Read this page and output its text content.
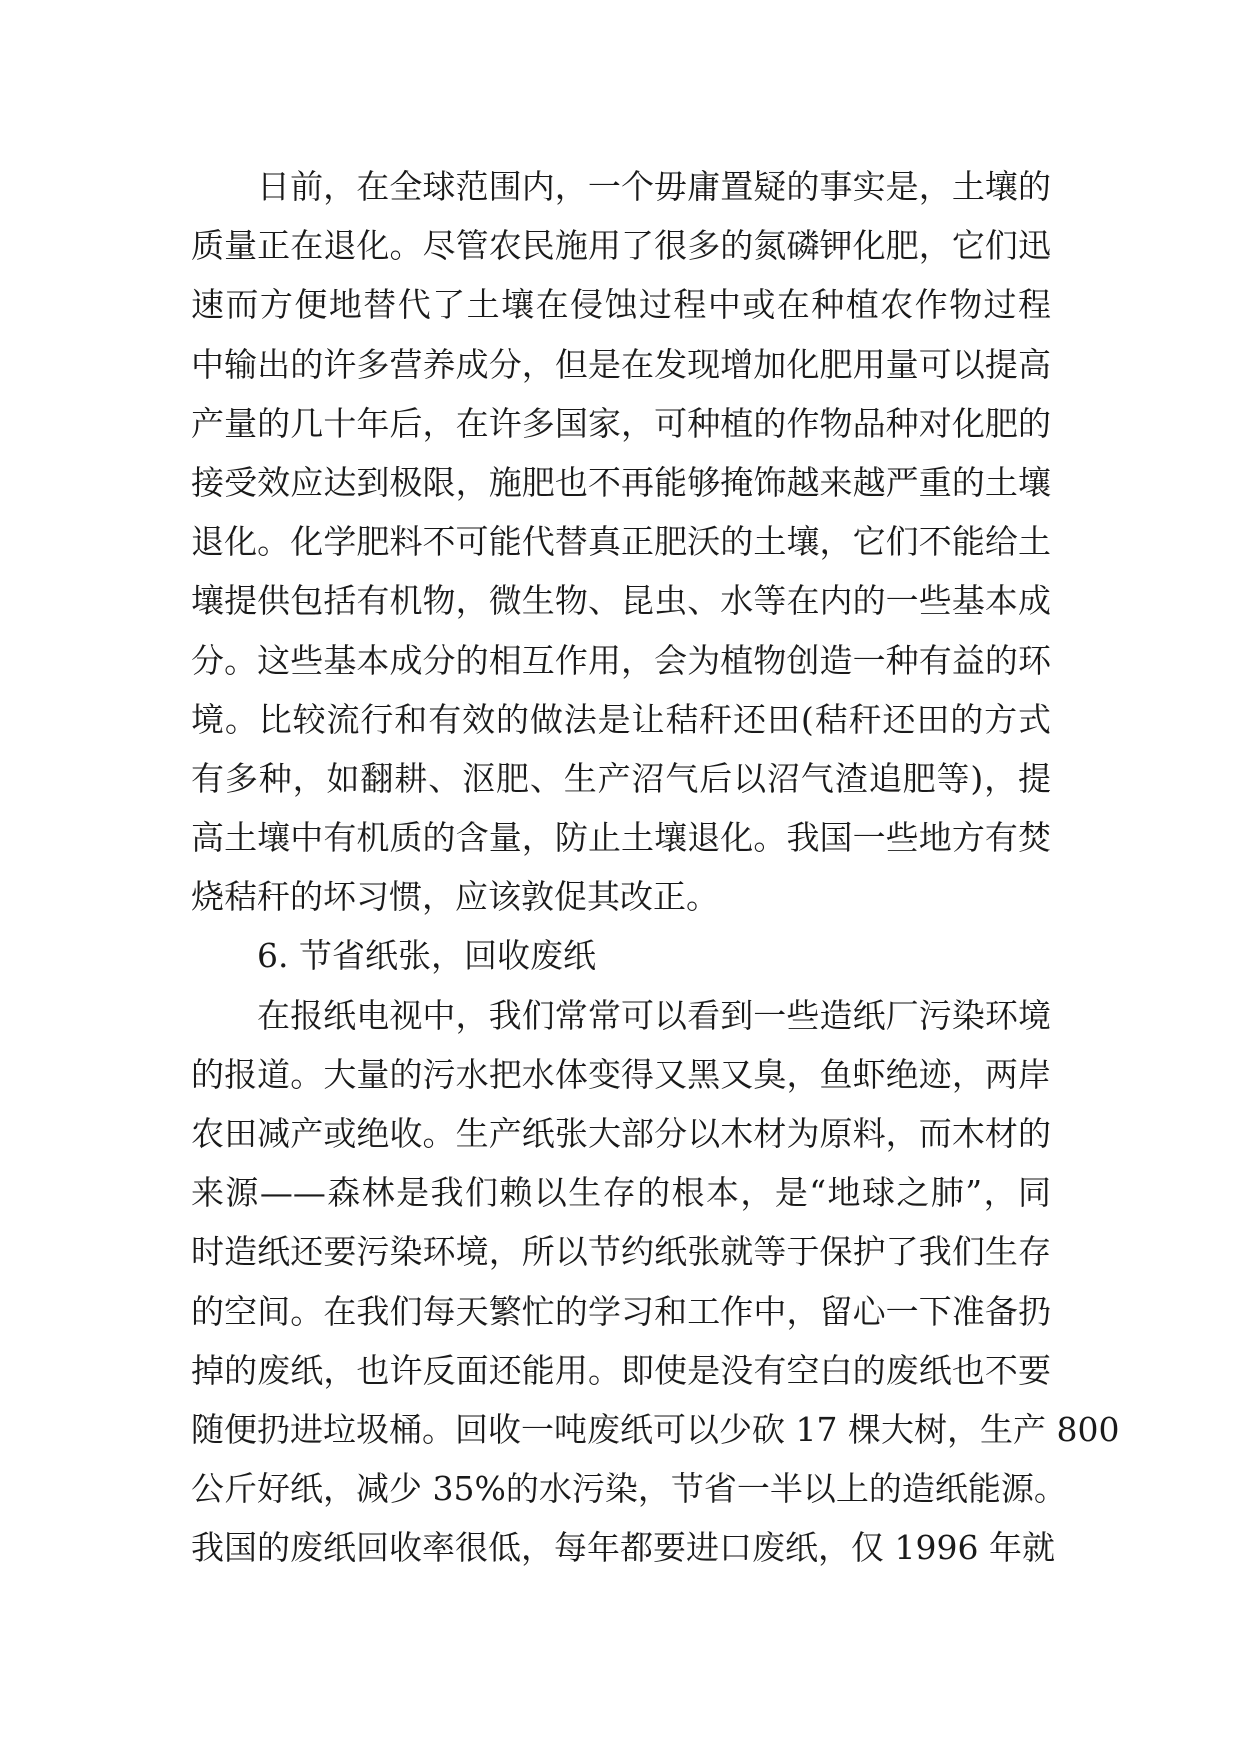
日前，在全球范围内，一个毋庸置疑的事实是，土壤的
质量正在退化。尽管农民施用了很多的氮磷钾化肥，它们迅
速而方便地替代了土壤在侵蚀过程中或在种植农作物过程
中输出的许多营养成分，但是在发现增加化肥用量可以提高
产量的几十年后，在许多国家，可种植的作物品种对化肥的
接受效应达到极限，施肥也不再能够掩饰越来越严重的土壤
退化。化学肥料不可能代替真正肥沃的土壤，它们不能给土
壤提供包括有机物，微生物、昆虫、水等在内的一些基本成
分。这些基本成分的相互作用，会为植物创造一种有益的环
境。比较流行和有效的做法是让秸秆还田(秸秆还田的方式
有多种，如翻耕、沤肥、生产沼气后以沼气渣追肥等)，提
高土壤中有机质的含量，防止土壤退化。我国一些地方有焚
烧秸秆的坏习惯，应该敦促其改正。
6. 节省纸张，回收废纸
在报纸电视中，我们常常可以看到一些造纸厂污染环境
的报道。大量的污水把水体变得又黑又臭，鱼虾绝迹，两岸
农田减产或绝收。生产纸张大部分以木材为原料，而木材的
来源——森林是我们赖以生存的根本，是“地球之肺”，同
时造纸还要污染环境，所以节约纸张就等于保护了我们生存
的空间。在我们每天繁忙的学习和工作中，留心一下准备扔
掉的废纸，也许反面还能用。即使是没有空白的废纸也不要
随便扔进垃圾桶。回收一吨废纸可以少砍 17 棵大树，生产 800
公斤好纸，减少 35%的水污染，节省一半以上的造纸能源。
我国的废纸回收率很低，每年都要进口废纸，仅 1996 年就
